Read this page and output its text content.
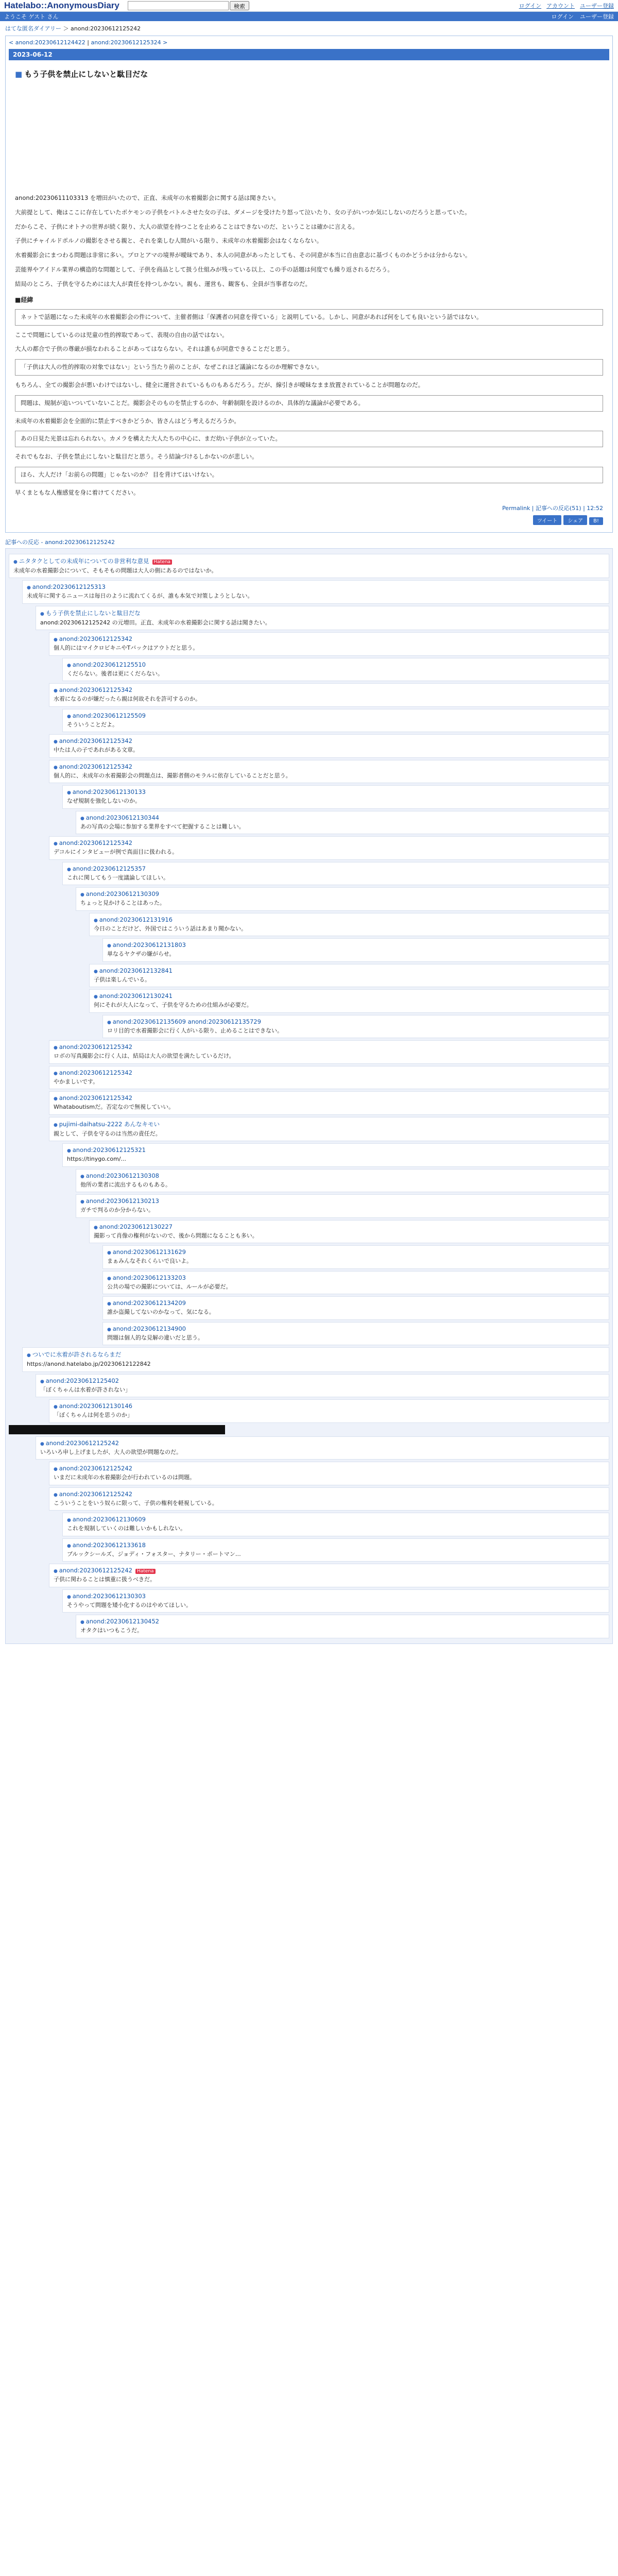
Hatelabo::AnonymousDiary	検索	ログイン アカウント ユーザー登録
ようこそ ゲスト さん	ログイン ユーザー登録
はてな匿名ダイアリー ＞ anond:20230612125242
< anond:20230612124422 | anond:20230612125324 >
2023-06-12
■ もう子供を禁止にしないと駄目だな

anond:20230611103313 を増田がいたので、正直、未成年の水着撮影会に関する話は聞きたい。

大前提として、俺はここに存在していたポケモンの子供をバトルさせた女の子は、ダメージを受けたり怒って泣いたり、女の子がいつか気にしないのだろうと思っていた。

だからこそ、子供にオトナの世界が続く限り、大人の欲望を持つことを止めることはできないのだ、ということは確かに言える。

子供にチャイルドポルノの撮影をさせる親と、それを楽しむ人間がいる限り、未成年の水着撮影会はなくならない。

水着撮影会にまつわる問題は非常に多い。プロとアマの境界が曖昧であり、本人の同意があったとしても、その同意が本当に自由意志に基づくものかどうかは分からない。

芸能界やアイドル業界の構造的な問題として、子供を商品として扱う仕組みが残っている以上、この手の話題は何度でも繰り返されるだろう。

結局のところ、子供を守るためには大人が責任を持つしかない。親も、運営も、観客も、全員が当事者なのだ。

■経緯
ネットで話題になった未成年の水着撮影会の件について、主催者側は「保護者の同意を得ている」と説明している。しかし、同意があれば何をしても良いという話ではない。

ここで問題にしているのは児童の性的搾取であって、表現の自由の話ではない。

大人の都合で子供の尊厳が損なわれることがあってはならない。それは誰もが同意できることだと思う。

「子供は大人の性的搾取の対象ではない」という当たり前のことが、なぜこれほど議論になるのか理解できない。

もちろん、全ての撮影会が悪いわけではないし、健全に運営されているものもあるだろう。だが、線引きが曖昧なまま放置されていることが問題なのだ。

問題は、規制が追いついていないことだ。撮影会そのものを禁止するのか、年齢制限を設けるのか、具体的な議論が必要である。

未成年の水着撮影会を全面的に禁止すべきかどうか、皆さんはどう考えるだろうか。

あの日見た光景は忘れられない。カメラを構えた大人たちの中心に、まだ幼い子供が立っていた。

それでもなお、子供を禁止にしないと駄目だと思う。そう結論づけるしかないのが悲しい。

ほら、大人だけ「お前らの問題」じゃないのか？ 目を背けてはいけない。

早くまともな人権感覚を身に着けてください。

Permalink | 記事への反応(51) | 12:52
ツイート シェア B!
記事への反応 - anond:20230612125242
● ニタタクとしての未成年についての非営利な意見 Hatena
未成年の水着撮影会について、そもそもの問題は大人の側にあるのではないか。
● anond:20230612125313
未成年に関するニュースは毎日のように流れてくるが、誰も本気で対策しようとしない。
● もう子供を禁止にしないと駄目だな
anond:20230612125242 の元増田。正直、未成年の水着撮影会に関する話は聞きたい。
● anond:20230612125342
個人的にはマイクロビキニやTバックはアウトだと思う。
● anond:20230612125510
くだらない。後者は更にくだらない。
● anond:20230612125342
水着になるのが嫌だったら親は何故それを許可するのか。
● anond:20230612125509
そういうことだよ。
● anond:20230612125342
中たは人の子であれがある文章。
● anond:20230612125342
個人的に、未成年の水着撮影会の問題点は、撮影者側のモラルに依存していることだと思う。
● anond:20230612130133
なぜ規制を強化しないのか。
● anond:20230612130344
あの写真の会場に参加する業界をすべて把握することは難しい。
● anond:20230612125342
デコルにインタビューが例で真面目に扱われる。
● anond:20230612125357
これに関してもう一度議論してほしい。
● anond:20230612130309
ちょっと見かけることはあった。
● anond:20230612131916
今日のことだけど、外国ではこういう話はあまり聞かない。
● anond:20230612131803
単なるヤクザの嫌がらせ。
● anond:20230612132841
子供は楽しんでいる。
● anond:20230612130241
何にそれが大人になって、子供を守るための仕組みが必要だ。
● anond:20230612135609 anond:20230612135729
ロリ目的で水着撮影会に行く人がいる限り、止めることはできない。
● anond:20230612125342
ロボの写真撮影会に行く人は、結局は大人の欲望を満たしているだけ。
● anond:20230612125342
やかましいです。
● anond:20230612125342
Whataboutismだ。否定なので無視していい。
● pujimi-daihatsu-2222 あんなキモい
親として、子供を守るのは当然の責任だ。
● anond:20230612125321
https://tinygo.com/...
● anond:20230612130308
他所の業者に流出するものもある。
● anond:20230612130213
ガチで判るのか分からない。
● anond:20230612130227
撮影って肖像の権利がないので、後から問題になることも多い。
● anond:20230612131629
まぁみんなそれくらいで良いよ。
● anond:20230612133203
公共の場での撮影については、ルールが必要だ。
● anond:20230612134209
誰か盗撮してないのかなって、気になる。
● anond:20230612134900
問題は個人的な見解の違いだと思う。
● ついでに水着が許されるならまだ
https://anond.hatelabo.jp/20230612122842
● anond:20230612125402
「ぼくちゃんは水着が許されない」
● anond:20230612130146
「ぼくちゃんは何を思うのか」
● anond:20230612125242
いろいろ申し上げましたが、大人の欲望が問題なのだ。
● anond:20230612125242
いまだに未成年の水着撮影会が行われているのは問題。
● anond:20230612125242
こういうことをいう奴らに限って、子供の権利を軽視している。
● anond:20230612130609
これを規制していくのは難しいかもしれない。
● anond:20230612133618
ブルックシールズ、ジョディ・フォスター、ナタリー・ポートマン…
● anond:20230612125242 Hatena
子供に関わることは慎重に扱うべきだ。
● anond:20230612130303
そうやって問題を矮小化するのはやめてほしい。
● anond:20230612130452
オタクはいつもこうだ。
